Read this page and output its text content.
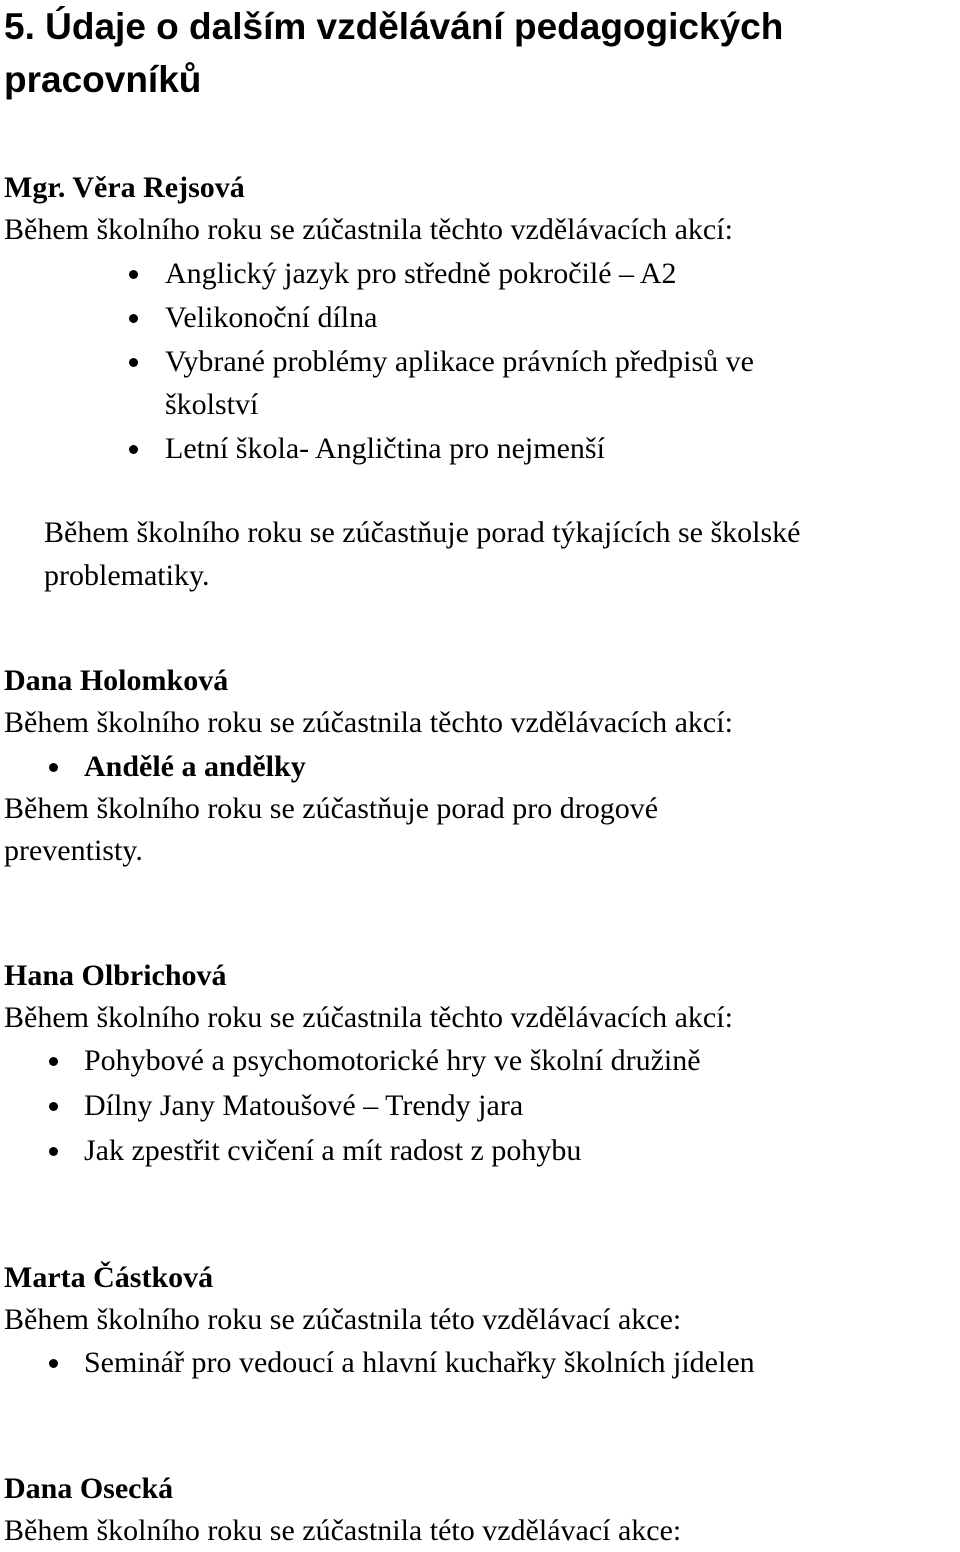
5. Údaje o dalším vzdělávání pedagogických
pracovníků
Mgr. Věra Rejsová
Během školního roku se zúčastnila těchto vzdělávacích akcí:
Anglický jazyk pro středně pokročilé – A2
Velikonoční dílna
Vybrané problémy aplikace právních předpisů ve
školství
Letní škola- Angličtina pro nejmenší
Během školního roku se zúčastňuje porad týkajících se školské
problematiky.
Dana Holomková
Během školního roku se zúčastnila těchto vzdělávacích akcí:
Andělé a andělky
Během školního roku se zúčastňuje porad pro drogové
preventisty.
Hana Olbrichová
Během školního roku se zúčastnila těchto vzdělávacích akcí:
Pohybové a psychomotorické hry ve školní družině
Dílny Jany Matoušové – Trendy jara
Jak zpestřit cvičení a mít radost z pohybu
Marta Částková
Během školního roku se zúčastnila této vzdělávací akce:
Seminář pro vedoucí a hlavní kuchařky školních jídelen
Dana Osecká
Během školního roku se zúčastnila této vzdělávací akce:
